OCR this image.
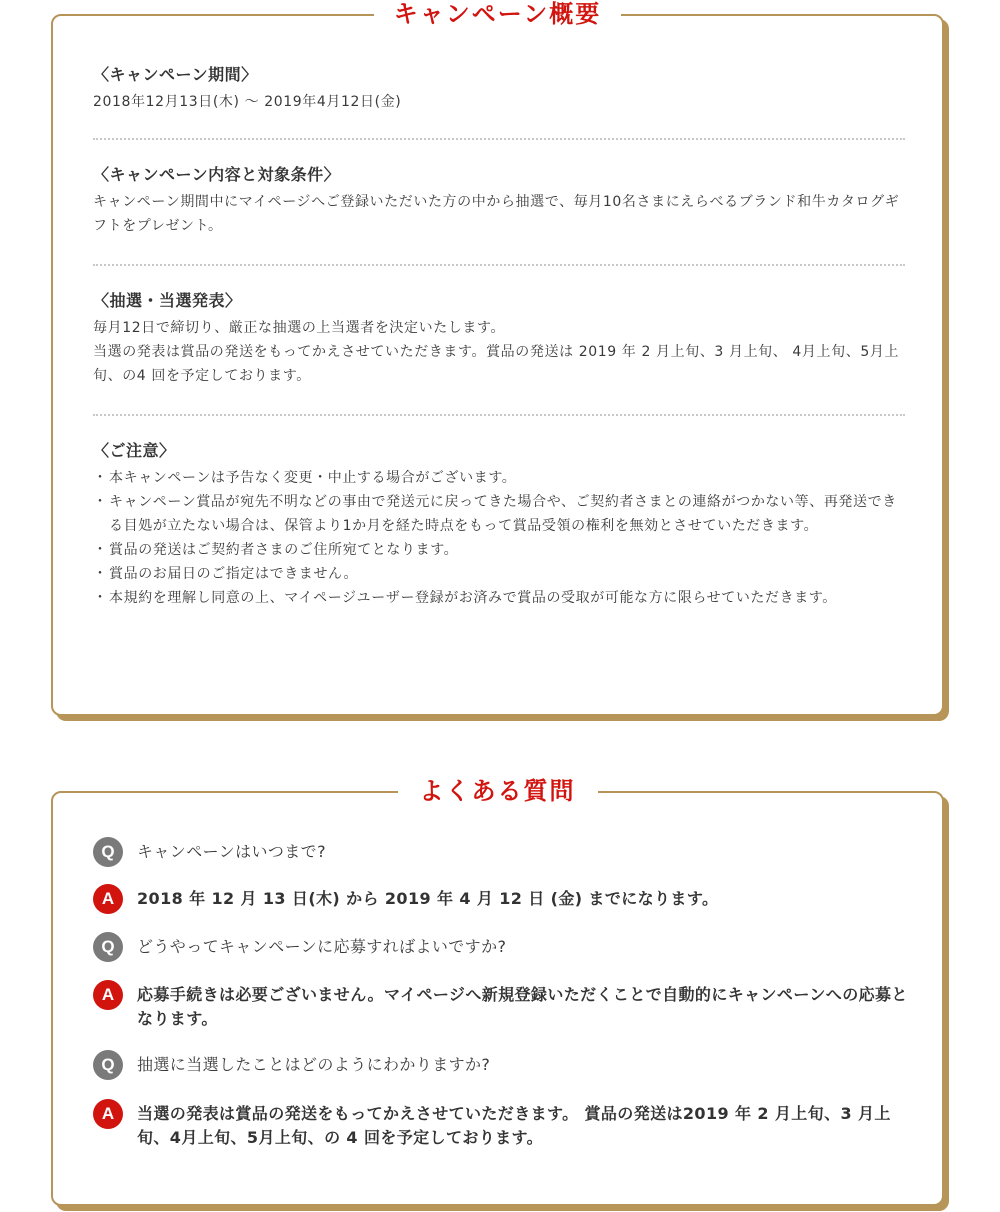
キャンペーン概要
〈キャンペーン期間〉
2018年12月13日(木) 〜 2019年4月12日(金)
〈キャンペーン内容と対象条件〉
キャンペーン期間中にマイページへご登録いただいた方の中から抽選で、毎月10名さまにえらべるブランド和牛カタログギフトをプレゼント。
〈抽選・当選発表〉

毎月12日で締切り、厳正な抽選の上当選者を決定いたします。

当選の発表は賞品の発送をもってかえさせていただきます。賞品の発送は 2019 年 2 月上旬、3 月上旬、 4月上旬、5月上旬、の4 回を予定しております。

〈ご注意〉
・ 本キャンペーンは予告なく変更・中止する場合がございます。
・ キャンペーン賞品が宛先不明などの事由で発送元に戻ってきた場合や、ご契約者さまとの連絡がつかない等、再発送できる目処が立たない場合は、保管より1か月を経た時点をもって賞品受領の権利を無効とさせていただきます。
・ 賞品の発送はご契約者さまのご住所宛てとなります。
・ 賞品のお届日のご指定はできません。
・ 本規約を理解し同意の上、マイページユーザー登録がお済みで賞品の受取が可能な方に限らせていただきます。
よくある質問
Q	キャンペーンはいつまで?
A	2018 年 12 月 13 日(木) から 2019 年 4 月 12 日 (金) までになります。
Q	どうやってキャンペーンに応募すればよいですか?
A	応募手続きは必要ございません。マイページへ新規登録いただくことで自動的にキャンペーンへの応募となります。
Q	抽選に当選したことはどのようにわかりますか?
A	当選の発表は賞品の発送をもってかえさせていただきます。 賞品の発送は2019 年 2 月上旬、3 月上旬、4月上旬、5月上旬、の 4 回を予定しております。
